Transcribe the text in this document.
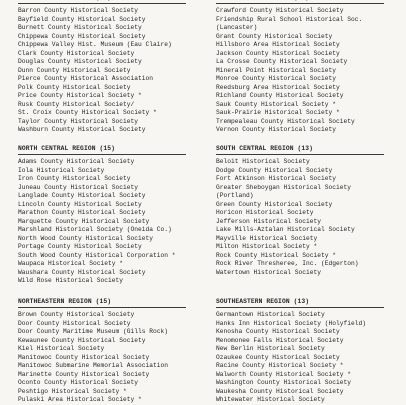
Barron County Historical Society
Bayfield County Historical Society
Burnett County Historical Society
Chippewa County Historical Society
Chippewa Valley Hist. Museum (Eau Claire)
Clark County Historical Society
Douglas County Historical Society
Dunn County Historical Society
Pierce County Historical Association
Polk County Historical Society
Price County Historical Society *
Rusk County Historical Society/
St. Croix County Historical Society *
Taylor County Historical Society
Washburn County Historical Society
NORTH CENTRAL REGION (15)
Adams County Historical Society
Iola Historical Society
Iron County Historical Society
Juneau County Historical Society
Langlade County Historical Society
Lincoln County Historical Society
Marathon County Historical Society
Marquette County Historical Society
Marshland Historical Society (Oneida Co.)
North Wood County Historical Society
Portage County Historical Society
South Wood County Historical Corporation *
Waupaca Historical Society *
Waushara County Historical Society
Wild Rose Historical Society
NORTHEASTERN REGION (15)
Brown County Historical Society
Door County Historical Society
Door County Maritime Museum (Gills Rock)
Kewaunee County Historical Society
Kiel Historical Society
Manitowoc County Historical Society
Manitowoc Submarine Memorial Association
Marinette County Historical Society
Oconto County Historical Society
Peshtigo Historical Society *
Pulaski Area Historical Society *
Crawford County Historical Society
Friendship Rural School Historical Soc.
(Lancaster)
Grant County Historical Society
Hillsboro Area Historical Society
Jackson County Historical Society
La Crosse County Historical Society
Mineral Point Historical Society
Monroe County Historical Society
Reedsburg Area Historical Society
Richland County Historical Society
Sauk County Historical Society *
Sauk-Prairie Historical Society *
Trempealeau County Historical Society
Vernon County Historical Society
SOUTH CENTRAL REGION (13)
Beloit Historical Society
Dodge County Historical Society
Fort Atkinson Historical Society
Greater Sheboygan Historical Society
(Portland)
Green County Historical Society
Horicon Historical Society
Jefferson Historical Society
Lake Mills-Aztalan Historical Society
Mayville Historical Society
Milton Historical Society *
Rock County Historical Society *
Rock River Thresheree, Inc. (Edgerton)
Watertown Historical Society
SOUTHEASTERN REGION (13)
Germantown Historical Society
Hanks Inn Historical Society (Holyfield)
Kenosha County Historical Society
Menomonee Falls Historical Society
New Berlin Historical Society
Ozaukee County Historical Society
Racine County Historical Society *
Walworth County Historical Society *
Washington County Historical Society
Waukesha County Historical Society
Whitewater Historical Society
